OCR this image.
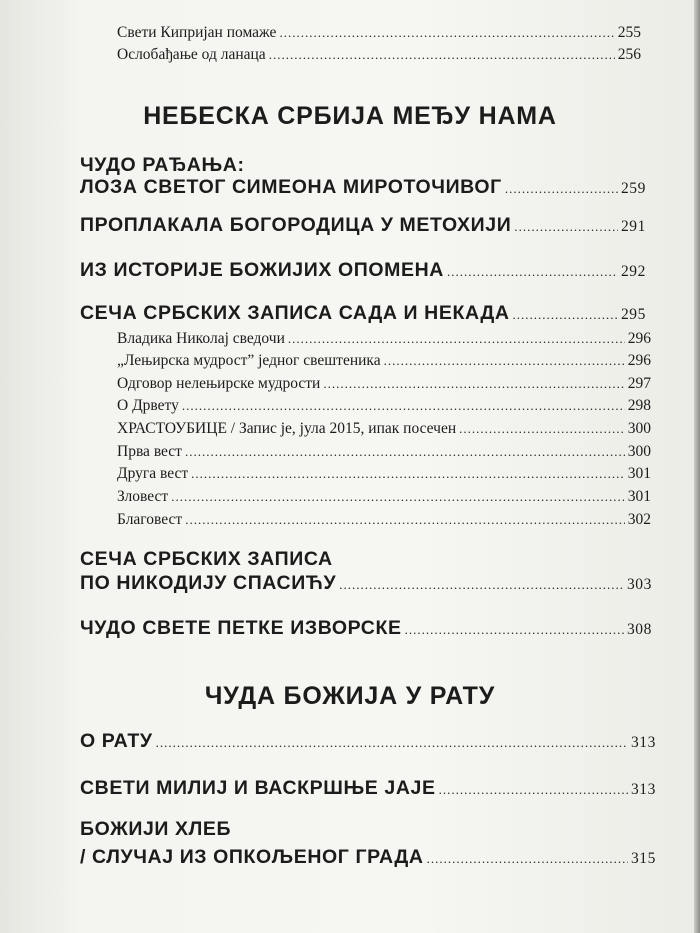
Свети Кипријан помаже .....	255
Ослобађање од ланаца .....	256
НЕБЕСКА СРБИЈА МЕЂУ НАМА
ЧУДО РАЂАЊА:
ЛОЗА СВЕТОГ СИМЕОНА МИРОТОЧИВОГ .....	259
ПРОПЛАКАЛА БОГОРОДИЦА У МЕТОХИЈИ .....	291
ИЗ ИСТОРИЈЕ БОЖИЈИХ ОПОМЕНА .....	292
СЕЧА СРБСКИХ ЗАПИСА САДА И НЕКАДА .....	295
Владика Николај сведочи .....	296
„Лењирска мудрост” једног свештеника .....	296
Одговор нелењирске мудрости .....	297
О Дрвету .....	298
ХРАСТОУБИЦЕ / Запис је, јула 2015, ипак посечен .....	300
Прва вест .....	300
Друга вест .....	301
Зловест .....	301
Благовест .....	302
СЕЧА СРБСКИХ ЗАПИСА
ПО НИКОДИЈУ СПАСИЋУ .....	303
ЧУДО СВЕТЕ ПЕТКЕ ИЗВОРСКЕ .....	308
ЧУДА БОЖИЈА У РАТУ
О РАТУ .....	313
СВЕТИ МИЛИЈ И ВАСКРШЊЕ ЈАЈЕ .....	313
БОЖИЈИ ХЛЕБ
/ СЛУЧАЈ ИЗ ОПКОЉЕНОГ ГРАДА .....	315
